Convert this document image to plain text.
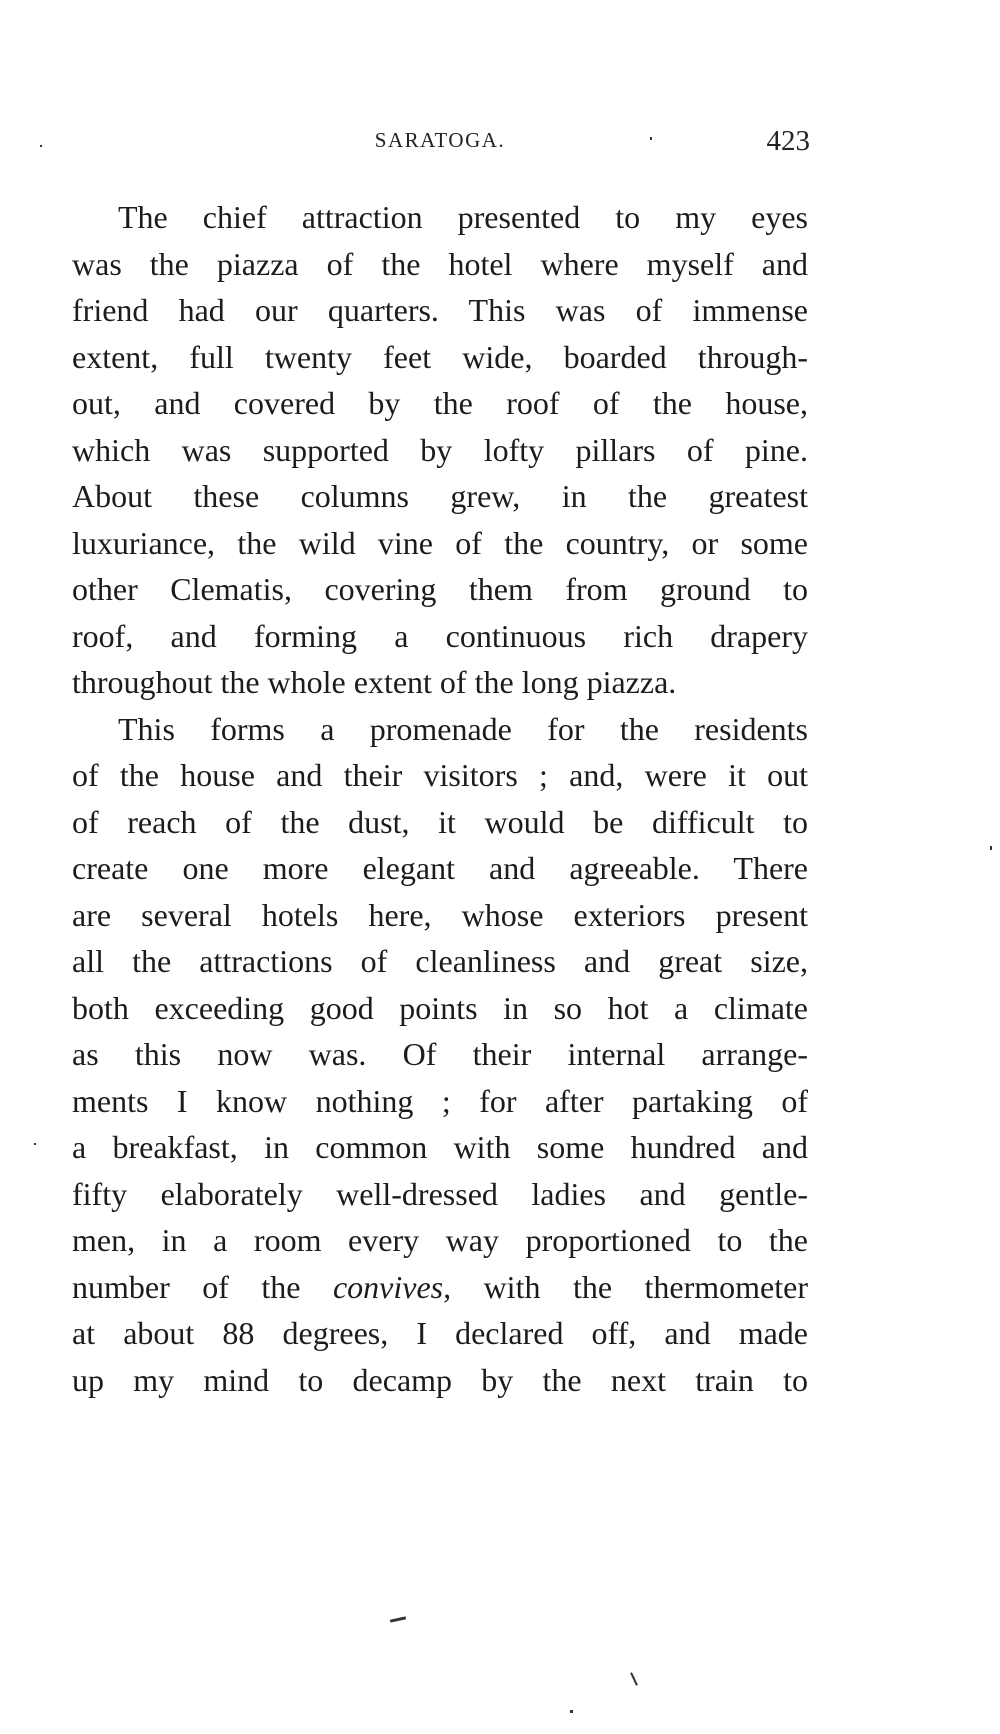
SARATOGA.	423
The chief attraction presented to my eyes
was the piazza of the hotel where myself and
friend had our quarters. This was of immense
extent, full twenty feet wide, boarded through-
out, and covered by the roof of the house,
which was supported by lofty pillars of pine.
About these columns grew, in the greatest
luxuriance, the wild vine of the country, or some
other Clematis, covering them from ground to
roof, and forming a continuous rich drapery
throughout the whole extent of the long piazza.
This forms a promenade for the residents
of the house and their visitors ; and, were it out
of reach of the dust, it would be difficult to
create one more elegant and agreeable. There
are several hotels here, whose exteriors present
all the attractions of cleanliness and great size,
both exceeding good points in so hot a climate
as this now was. Of their internal arrange-
ments I know nothing ; for after partaking of
a breakfast, in common with some hundred and
fifty elaborately well-dressed ladies and gentle-
men, in a room every way proportioned to the
number of the convives, with the thermometer
at about 88 degrees, I declared off, and made
up my mind to decamp by the next train to
